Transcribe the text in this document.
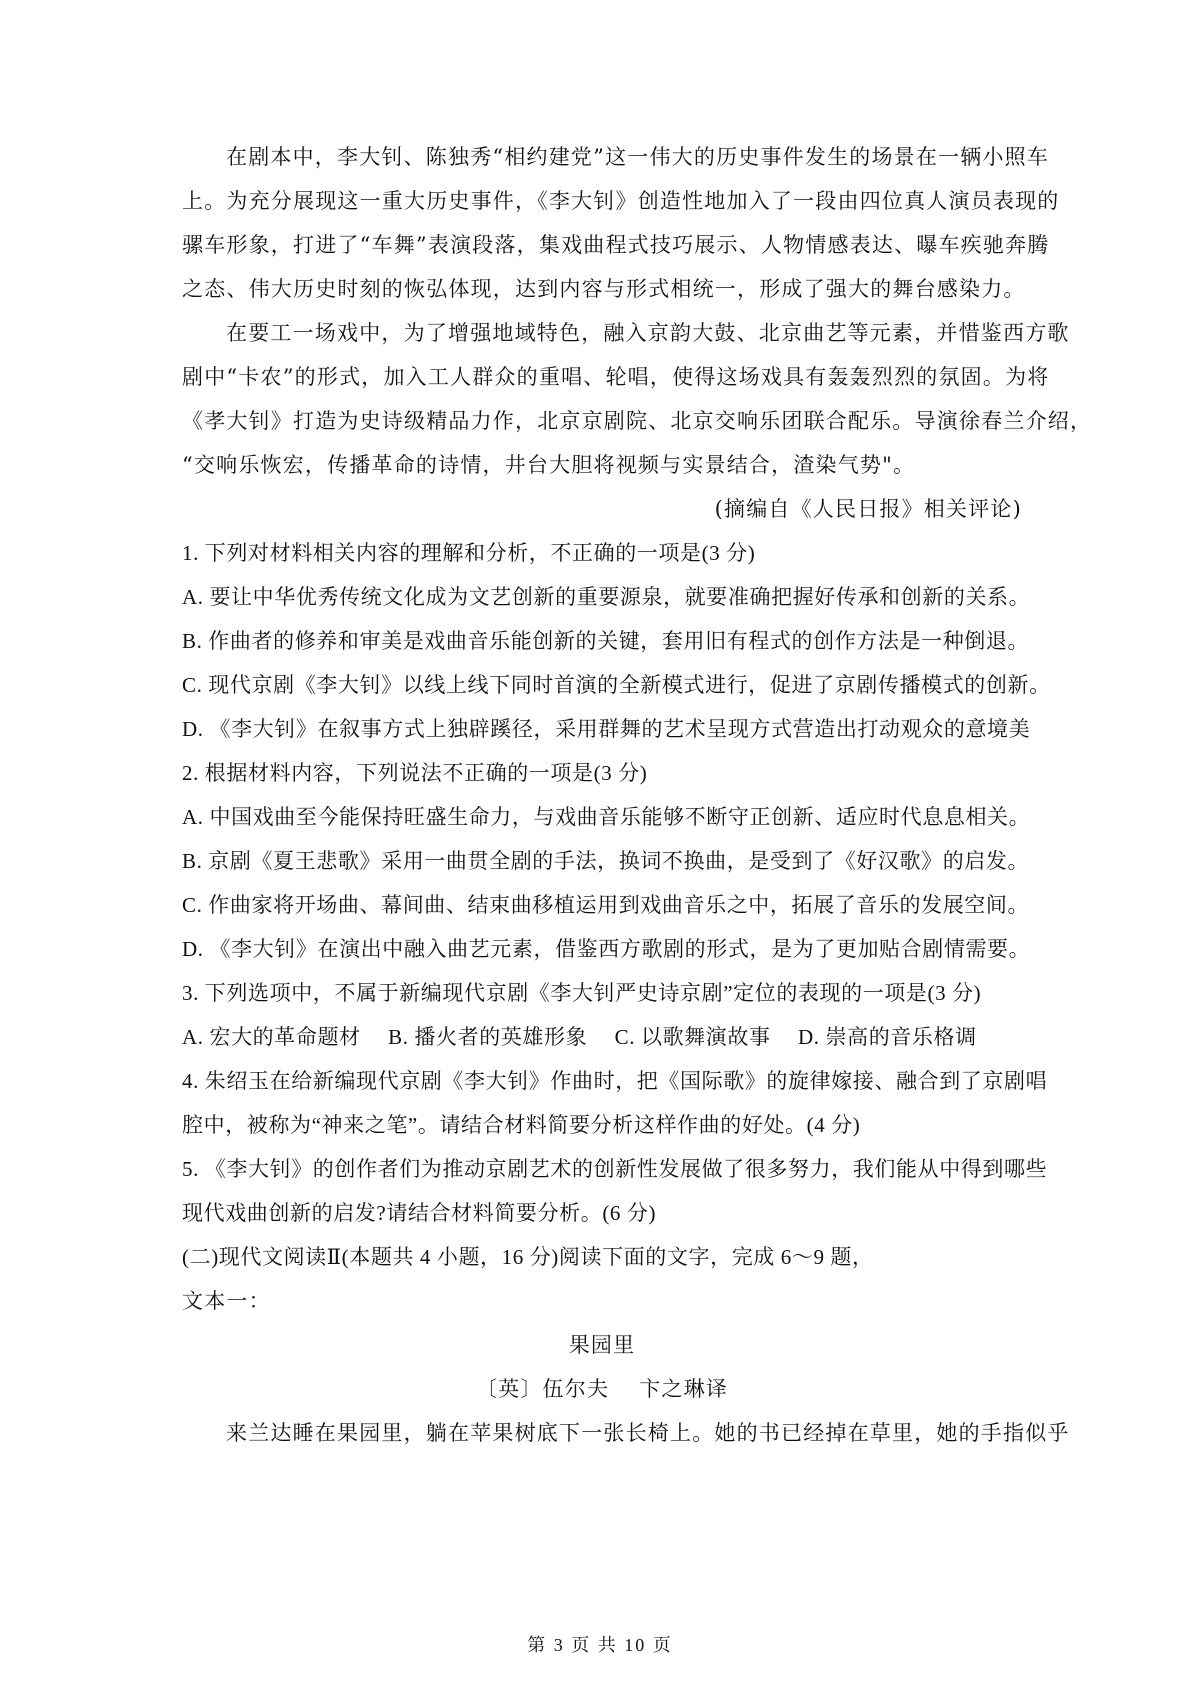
在剧本中，李大钊、陈独秀“相约建党”这一伟大的历史事件发生的场景在一辆小照车
上。为充分展现这一重大历史事件，《李大钊》创造性地加入了一段由四位真人演员表现的
骡车形象，打进了“车舞”表演段落，集戏曲程式技巧展示、人物情感表达、曝车疾驰奔腾
之态、伟大历史时刻的恢弘体现，达到内容与形式相统一，形成了强大的舞台感染力。
在要工一场戏中，为了增强地域特色，融入京韵大鼓、北京曲艺等元素，并惜鉴西方歌
剧中“卡农”的形式，加入工人群众的重唱、轮唱，使得这场戏具有轰轰烈烈的氛固。为将
《孝大钊》打造为史诗级精品力作，北京京剧院、北京交响乐团联合配乐。导演徐春兰介绍，
“交响乐恢宏，传播革命的诗情，井台大胆将视频与实景结合，渣染气势"。
(摘编自《人民日报》相关评论)
1. 下列对材料相关内容的理解和分析，不正确的一项是(3 分)
A. 要让中华优秀传统文化成为文艺创新的重要源泉，就要准确把握好传承和创新的关系。
B. 作曲者的修养和审美是戏曲音乐能创新的关键，套用旧有程式的创作方法是一种倒退。
C. 现代京剧《李大钊》以线上线下同时首演的全新模式进行，促进了京剧传播模式的创新。
D. 《李大钊》在叙事方式上独辟蹊径，采用群舞的艺术呈现方式营造出打动观众的意境美
2. 根据材料内容，下列说法不正确的一项是(3 分)
A. 中国戏曲至今能保持旺盛生命力，与戏曲音乐能够不断守正创新、适应时代息息相关。
B. 京剧《夏王悲歌》采用一曲贯全剧的手法，换词不换曲，是受到了《好汉歌》的启发。
C. 作曲家将开场曲、幕间曲、结束曲移植运用到戏曲音乐之中，拓展了音乐的发展空间。
D. 《李大钊》在演出中融入曲艺元素，借鉴西方歌剧的形式，是为了更加贴合剧情需要。
3. 下列选项中，不属于新编现代京剧《李大钊严史诗京剧”定位的表现的一项是(3 分)
A. 宏大的革命题材　 B. 播火者的英雄形象　 C. 以歌舞演故事　 D. 崇高的音乐格调
4. 朱绍玉在给新编现代京剧《李大钊》作曲时，把《国际歌》的旋律嫁接、融合到了京剧唱
腔中，被称为“神来之笔”。请结合材料简要分析这样作曲的好处。(4 分)
5. 《李大钊》的创作者们为推动京剧艺术的创新性发展做了很多努力，我们能从中得到哪些
现代戏曲创新的启发?请结合材料简要分析。(6 分)
(二)现代文阅读Ⅱ(本题共 4 小题，16 分)阅读下面的文字，完成 6～9 题，
文本一：
果园里
〔英〕伍尔夫　 卞之琳译
来兰达睡在果园里，躺在苹果树底下一张长椅上。她的书已经掉在草里，她的手指似乎
第 3 页 共 10 页
